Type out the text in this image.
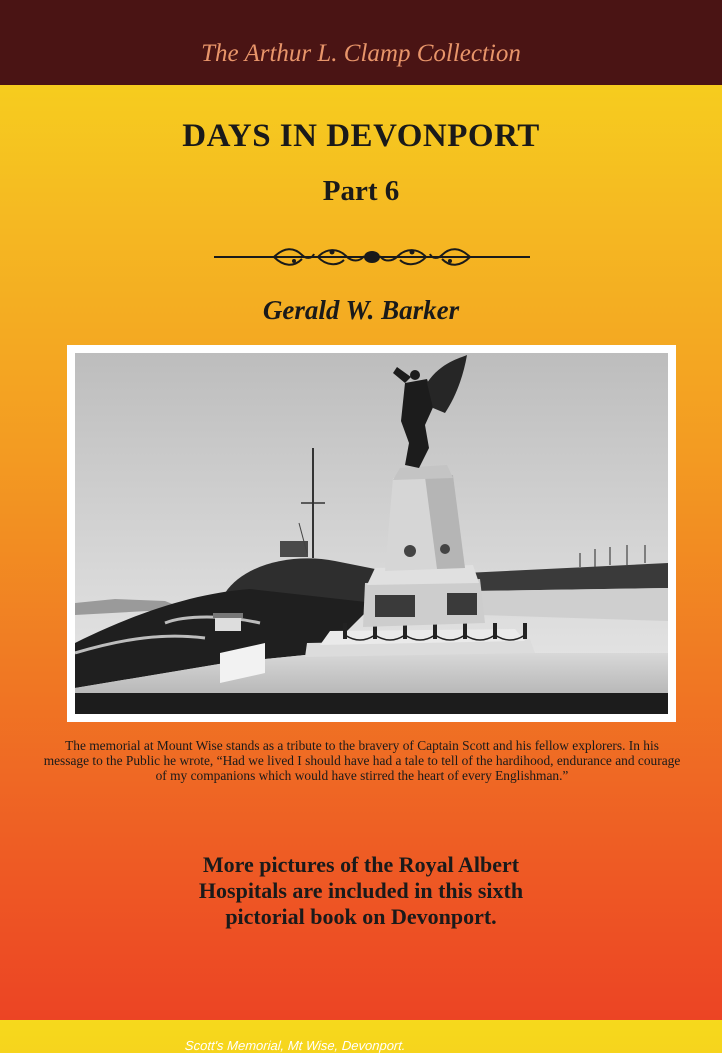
The Arthur L. Clamp Collection
DAYS IN DEVONPORT
Part 6
Gerald W. Barker
Scott's Memorial, Mt Wise, Devonport.
The memorial at Mount Wise stands as a tribute to the bravery of Captain Scott and his fellow explorers. In his message to the Public he wrote, “Had we lived I should have had a tale to tell of the hardihood, endurance and courage of my companions which would have stirred the heart of every Englishman.”
More pictures of the Royal Albert Hospitals are included in this sixth pictorial book on Devonport.
